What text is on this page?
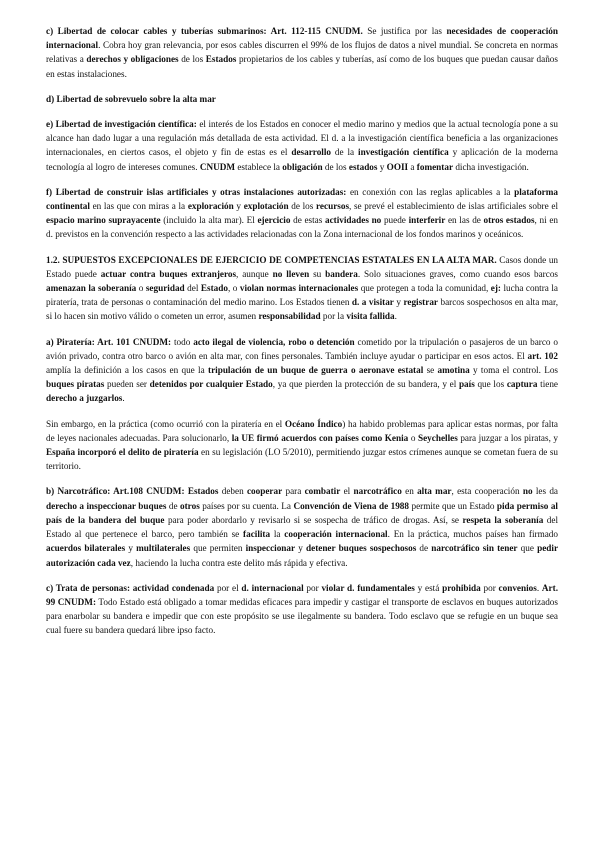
c) Libertad de colocar cables y tuberías submarinos: Art. 112-115 CNUDM. Se justifica por las necesidades de cooperación internacional. Cobra hoy gran relevancia, por esos cables discurren el 99% de los flujos de datos a nivel mundial. Se concreta en normas relativas a derechos y obligaciones de los Estados propietarios de los cables y tuberías, así como de los buques que puedan causar daños en estas instalaciones.

d) Libertad de sobrevuelo sobre la alta mar

e) Libertad de investigación científica: el interés de los Estados en conocer el medio marino y medios que la actual tecnología pone a su alcance han dado lugar a una regulación más detallada de esta actividad. El d. a la investigación científica beneficia a las organizaciones internacionales, en ciertos casos, el objeto y fin de estas es el desarrollo de la investigación científica y aplicación de la moderna tecnología al logro de intereses comunes. CNUDM establece la obligación de los estados y OOII a fomentar dicha investigación.

f) Libertad de construir islas artificiales y otras instalaciones autorizadas: en conexión con las reglas aplicables a la plataforma continental en las que con miras a la exploración y explotación de los recursos, se prevé el establecimiento de islas artificiales sobre el espacio marino suprayacente (incluido la alta mar). El ejercicio de estas actividades no puede interferir en las de otros estados, ni en d. previstos en la convención respecto a las actividades relacionadas con la Zona internacional de los fondos marinos y oceánicos.

1.2. SUPUESTOS EXCEPCIONALES DE EJERCICIO DE COMPETENCIAS ESTATALES EN LA ALTA MAR. Casos donde un Estado puede actuar contra buques extranjeros, aunque no lleven su bandera. Solo situaciones graves, como cuando esos barcos amenazan la soberanía o seguridad del Estado, o violan normas internacionales que protegen a toda la comunidad, ej: lucha contra la piratería, trata de personas o contaminación del medio marino. Los Estados tienen d. a visitar y registrar barcos sospechosos en alta mar, si lo hacen sin motivo válido o cometen un error, asumen responsabilidad por la visita fallida.

a) Piratería: Art. 101 CNUDM: todo acto ilegal de violencia, robo o detención cometido por la tripulación o pasajeros de un barco o avión privado, contra otro barco o avión en alta mar, con fines personales. También incluye ayudar o participar en esos actos. El art. 102 amplía la definición a los casos en que la tripulación de un buque de guerra o aeronave estatal se amotina y toma el control. Los buques piratas pueden ser detenidos por cualquier Estado, ya que pierden la protección de su bandera, y el país que los captura tiene derecho a juzgarlos.

Sin embargo, en la práctica (como ocurrió con la piratería en el Océano Índico) ha habido problemas para aplicar estas normas, por falta de leyes nacionales adecuadas. Para solucionarlo, la UE firmó acuerdos con países como Kenia o Seychelles para juzgar a los piratas, y España incorporó el delito de piratería en su legislación (LO 5/2010), permitiendo juzgar estos crímenes aunque se cometan fuera de su territorio.

b) Narcotráfico: Art.108 CNUDM: Estados deben cooperar para combatir el narcotráfico en alta mar, esta cooperación no les da derecho a inspeccionar buques de otros países por su cuenta. La Convención de Viena de 1988 permite que un Estado pida permiso al país de la bandera del buque para poder abordarlo y revisarlo si se sospecha de tráfico de drogas. Así, se respeta la soberanía del Estado al que pertenece el barco, pero también se facilita la cooperación internacional. En la práctica, muchos países han firmado acuerdos bilaterales y multilaterales que permiten inspeccionar y detener buques sospechosos de narcotráfico sin tener que pedir autorización cada vez, haciendo la lucha contra este delito más rápida y efectiva.

c) Trata de personas: actividad condenada por el d. internacional por violar d. fundamentales y está prohibida por convenios. Art. 99 CNUDM: Todo Estado está obligado a tomar medidas eficaces para impedir y castigar el transporte de esclavos en buques autorizados para enarbolar su bandera e impedir que con este propósito se use ilegalmente su bandera. Todo esclavo que se refugie en un buque sea cual fuere su bandera quedará libre ipso facto.
